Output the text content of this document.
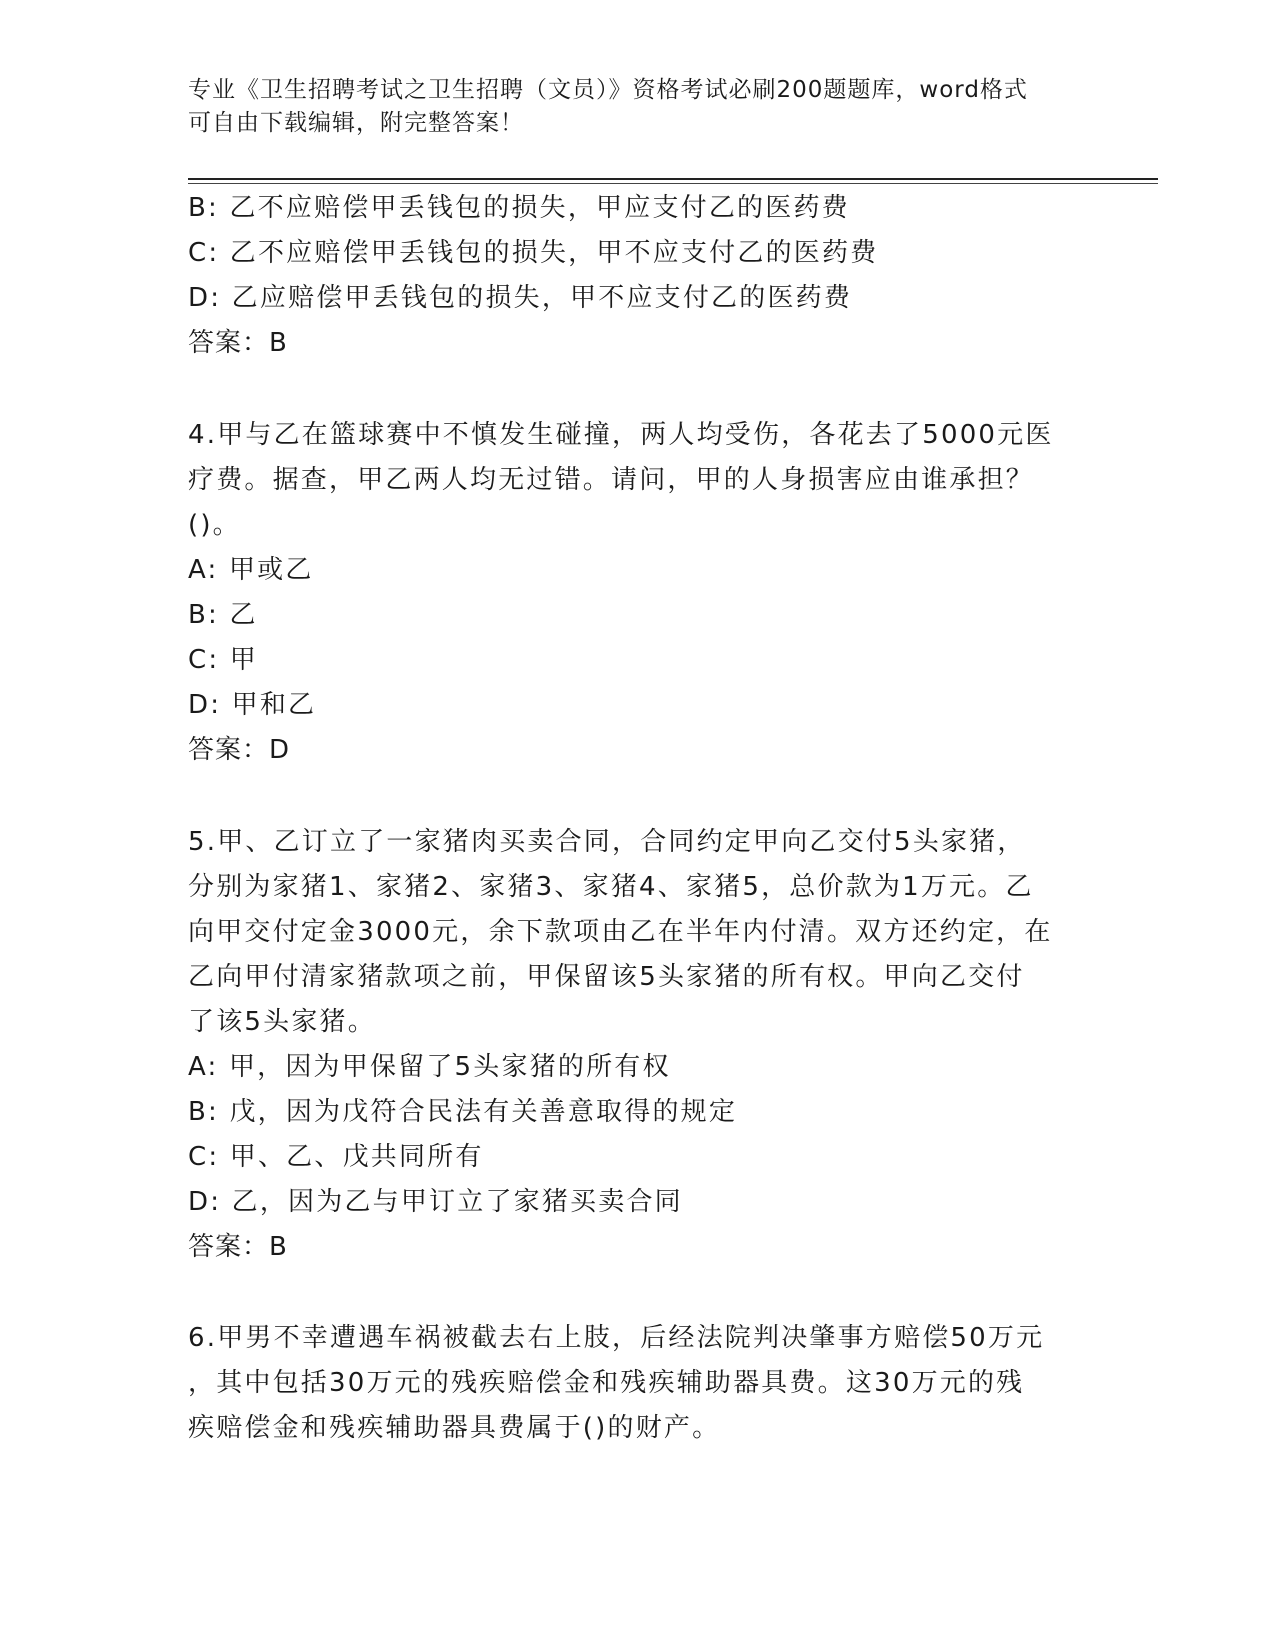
专业《卫生招聘考试之卫生招聘（文员）》资格考试必刷200题题库，word格式
可自由下载编辑，附完整答案！
B: 乙不应赔偿甲丢钱包的损失，甲应支付乙的医药费
C: 乙不应赔偿甲丢钱包的损失，甲不应支付乙的医药费
D: 乙应赔偿甲丢钱包的损失，甲不应支付乙的医药费
答案：B
4.甲与乙在篮球赛中不慎发生碰撞，两人均受伤，各花去了5000元医
疗费。据查，甲乙两人均无过错。请问，甲的人身损害应由谁承担？
()。
A: 甲或乙
B: 乙
C: 甲
D: 甲和乙
答案：D
5.甲、乙订立了一家猪肉买卖合同，合同约定甲向乙交付5头家猪，
分别为家猪1、家猪2、家猪3、家猪4、家猪5，总价款为1万元。乙
向甲交付定金3000元，余下款项由乙在半年内付清。双方还约定，在
乙向甲付清家猪款项之前，甲保留该5头家猪的所有权。甲向乙交付
了该5头家猪。
A: 甲，因为甲保留了5头家猪的所有权
B: 戊，因为戊符合民法有关善意取得的规定
C: 甲、乙、戊共同所有
D: 乙，因为乙与甲订立了家猪买卖合同
答案：B
6.甲男不幸遭遇车祸被截去右上肢，后经法院判决肇事方赔偿50万元
，其中包括30万元的残疾赔偿金和残疾辅助器具费。这30万元的残
疾赔偿金和残疾辅助器具费属于()的财产。
